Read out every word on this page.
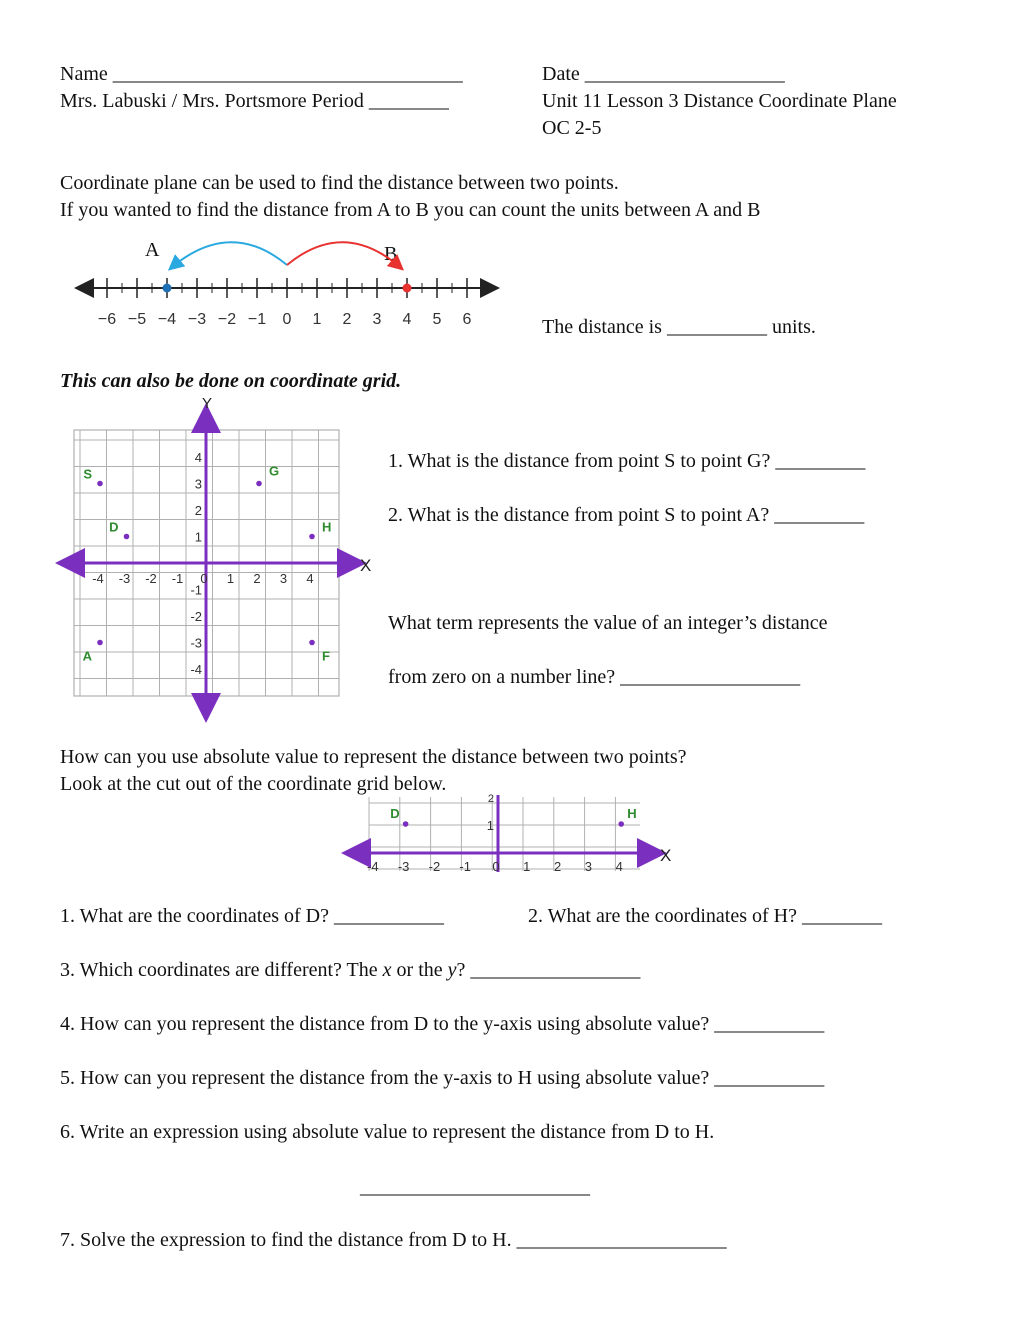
Name ___________________________________
Mrs. Labuski / Mrs. Portsmore Period ________
Date ____________________
Unit 11 Lesson 3 Distance Coordinate Plane
OC 2-5
Coordinate plane can be used to find the distance between two points.
If you wanted to find the distance from A to B you can count the units between A and B
A	B
−6 −5 −4 −3 −2 −1 0 1 2 3 4 5 6	The distance is __________ units.
This can also be done on coordinate grid.
X
Y
-4 -3 -2 -1 0 1 2 3 4
4
3
2
1
-1
-2
-3
-4
S	G
D	H
A	F
1. What is the distance from point S to point G? _________
2. What is the distance from point S to point A? _________
What term represents the value of an integer’s distance
from zero on a number line? __________________
How can you use absolute value to represent the distance between two points?
Look at the cut out of the coordinate grid below.
X
2
1
-4 -3 -2 -1 0 1 2 3 4
D	H
1. What are the coordinates of D? ___________	2. What are the coordinates of H? ________
3. Which coordinates are different? The x or the y? _________________
4. How can you represent the distance from D to the y-axis using absolute value? ___________
5. How can you represent the distance from the y-axis to H using absolute value? ___________
6. Write an expression using absolute value to represent the distance from D to H.
_______________________
7. Solve the expression to find the distance from D to H. _____________________
